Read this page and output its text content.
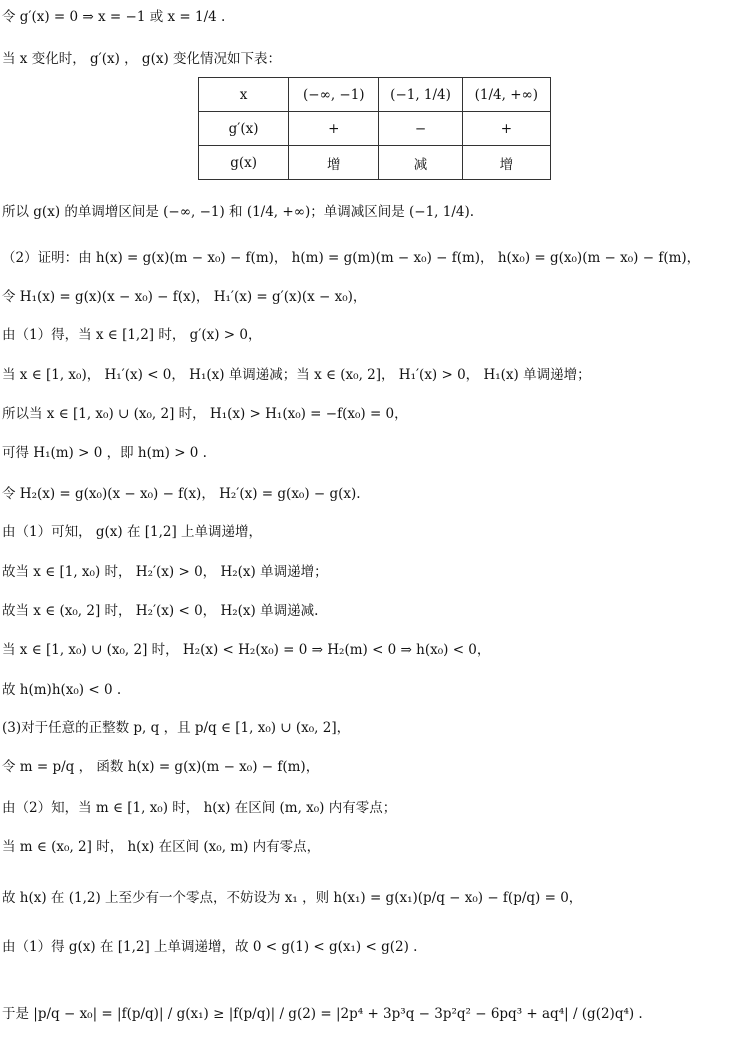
令 g′(x) = 0 ⇒ x = −1 或 x = 1/4 .
当 x 变化时， g′(x) ， g(x) 变化情况如下表：
x	(−∞, −1)	(−1, 1/4)	(1/4, +∞)
g′(x)	+	−	+
g(x)	增	减	增
所以 g(x) 的单调增区间是 (−∞, −1) 和 (1/4, +∞)；单调减区间是 (−1, 1/4).
（2）证明：由 h(x) = g(x)(m − x₀) − f(m)， h(m) = g(m)(m − x₀) − f(m)， h(x₀) = g(x₀)(m − x₀) − f(m)，
令 H₁(x) = g(x)(x − x₀) − f(x)， H₁′(x) = g′(x)(x − x₀)，
由（1）得，当 x ∈ [1,2] 时， g′(x) > 0，
当 x ∈ [1, x₀)， H₁′(x) < 0， H₁(x) 单调递减；当 x ∈ (x₀, 2]， H₁′(x) > 0， H₁(x) 单调递增；
所以当 x ∈ [1, x₀) ∪ (x₀, 2] 时， H₁(x) > H₁(x₀) = −f(x₀) = 0，
可得 H₁(m) > 0 ，即 h(m) > 0 .
令 H₂(x) = g(x₀)(x − x₀) − f(x)， H₂′(x) = g(x₀) − g(x).
由（1）可知， g(x) 在 [1,2] 上单调递增，
故当 x ∈ [1, x₀) 时， H₂′(x) > 0， H₂(x) 单调递增；
故当 x ∈ (x₀, 2] 时， H₂′(x) < 0， H₂(x) 单调递减.
当 x ∈ [1, x₀) ∪ (x₀, 2] 时， H₂(x) < H₂(x₀) = 0 ⇒ H₂(m) < 0 ⇒ h(x₀) < 0，
故 h(m)h(x₀) < 0 .
(3)对于任意的正整数 p, q ，且 p/q ∈ [1, x₀) ∪ (x₀, 2]，
令 m = p/q ， 函数 h(x) = g(x)(m − x₀) − f(m)，
由（2）知，当 m ∈ [1, x₀) 时， h(x) 在区间 (m, x₀) 内有零点；
当 m ∈ (x₀, 2] 时， h(x) 在区间 (x₀, m) 内有零点，
故 h(x) 在 (1,2) 上至少有一个零点，不妨设为 x₁ ，则 h(x₁) = g(x₁)(p/q − x₀) − f(p/q) = 0，
由（1）得 g(x) 在 [1,2] 上单调递增，故 0 < g(1) < g(x₁) < g(2) .
于是 |p/q − x₀| = |f(p/q)| / g(x₁) ≥ |f(p/q)| / g(2) = |2p⁴ + 3p³q − 3p²q² − 6pq³ + aq⁴| / (g(2)q⁴) .
